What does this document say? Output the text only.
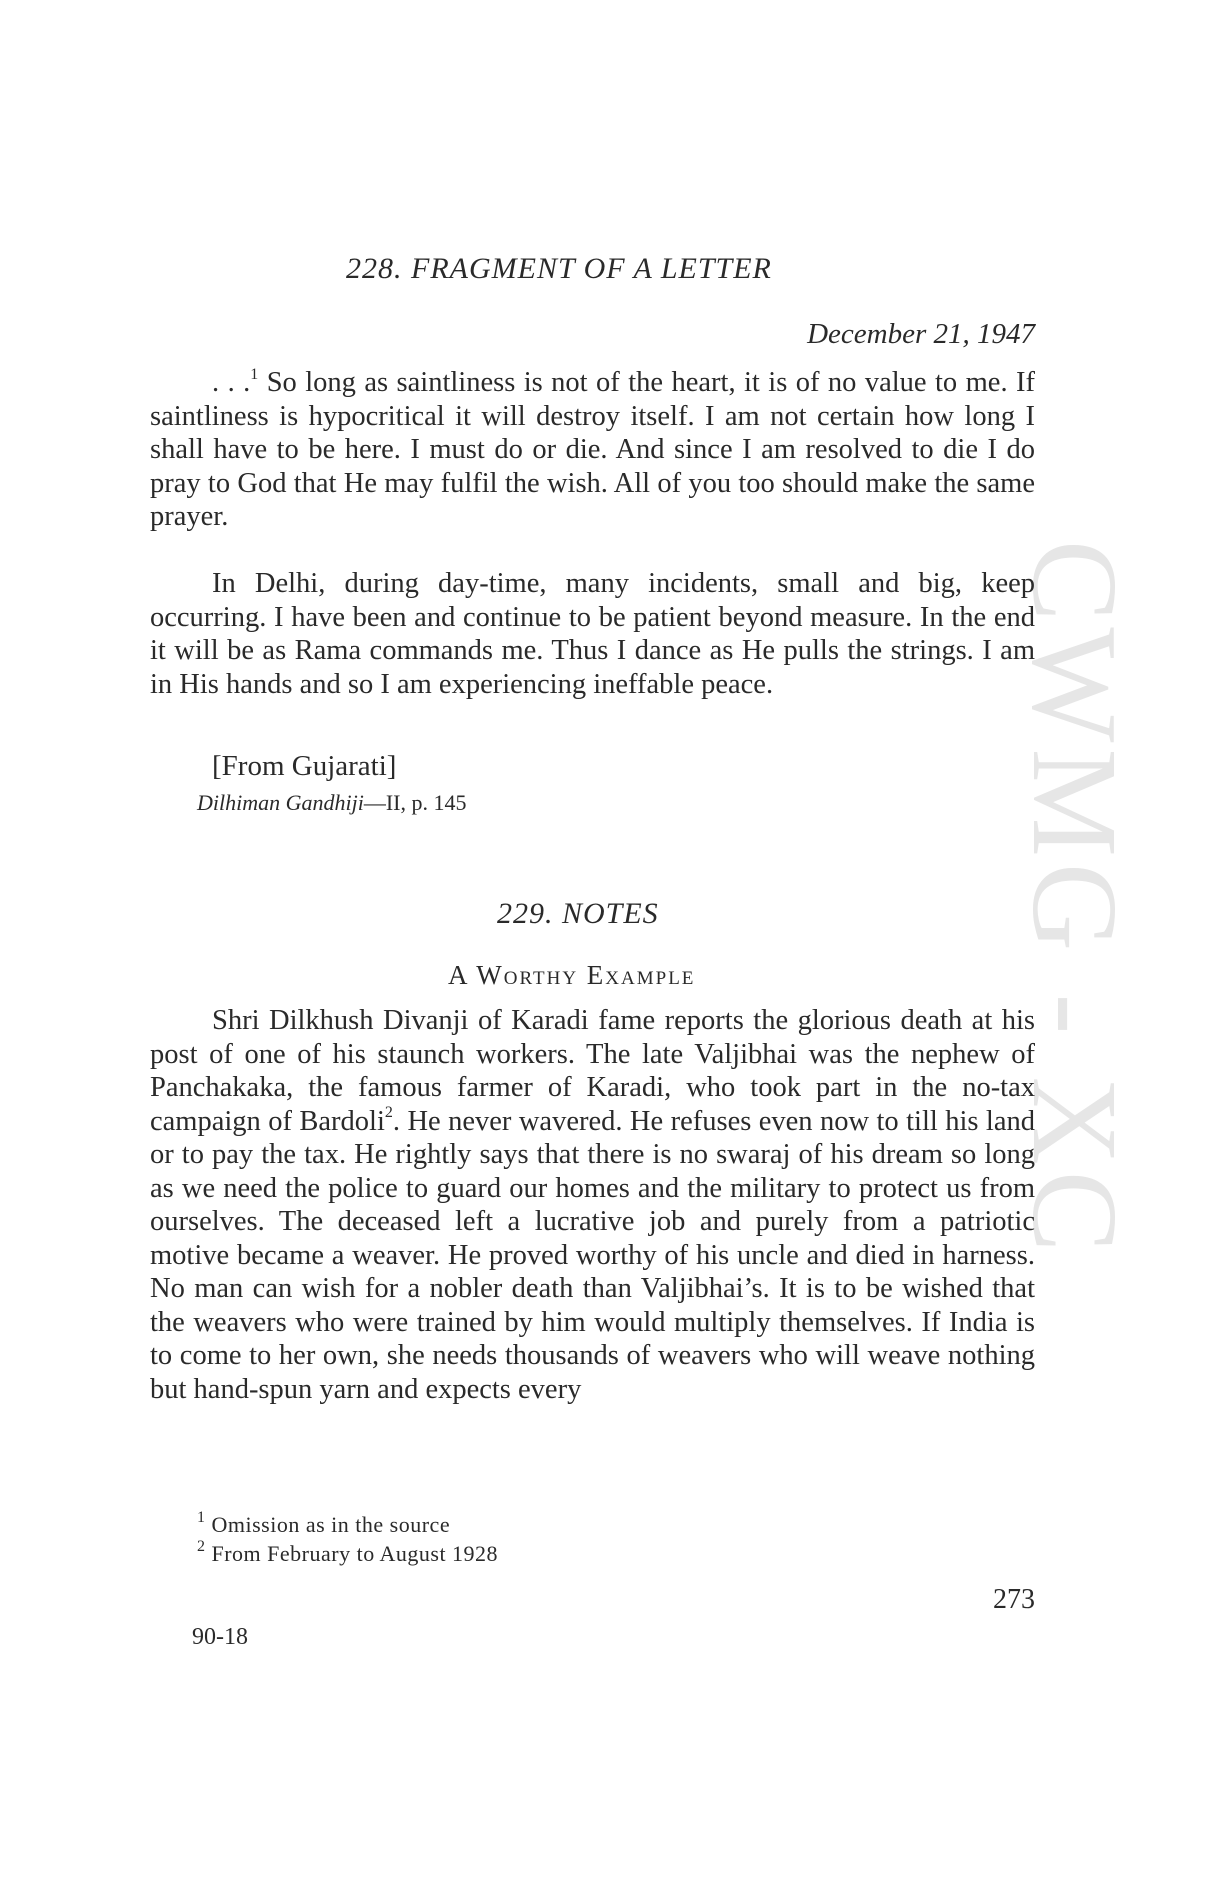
CWMG - XC
228. FRAGMENT OF A LETTER
December 21, 1947

. . .$^1$ So long as saintliness is not of the heart, it is of no value to me. If saintliness is hypocritical it will destroy itself. I am not certain how long I shall have to be here. I must do or die. And since I am resolved to die I do pray to God that He may fulfil the wish. All of you too should make the same prayer.

In Delhi, during day-time, many incidents, small and big, keep occurring. I have been and continue to be patient beyond measure. In the end it will be as Rama commands me. Thus I dance as He pulls the strings. I am in His hands and so I am experiencing ineffable peace.

[From Gujarati]
Dilhiman Gandhiji—II, p. 145
229. NOTES
A Worthy Example

Shri Dilkhush Divanji of Karadi fame reports the glorious death at his post of one of his staunch workers. The late Valjibhai was the nephew of Panchakaka, the famous farmer of Karadi, who took part in the no-tax campaign of Bardoli$^2$. He never wavered. He refuses even now to till his land or to pay the tax. He rightly says that there is no swaraj of his dream so long as we need the police to guard our homes and the military to protect us from ourselves. The deceased left a lucrative job and purely from a patriotic motive became a weaver. He proved worthy of his uncle and died in harness. No man can wish for a nobler death than Valjibhai’s. It is to be wished that the weavers who were trained by him would multiply themselves. If India is to come to her own, she needs thousands of weavers who will weave nothing but hand-spun yarn and expects every

$^1$ Omission as in the source
$^2$ From February to August 1928
273
90-18
